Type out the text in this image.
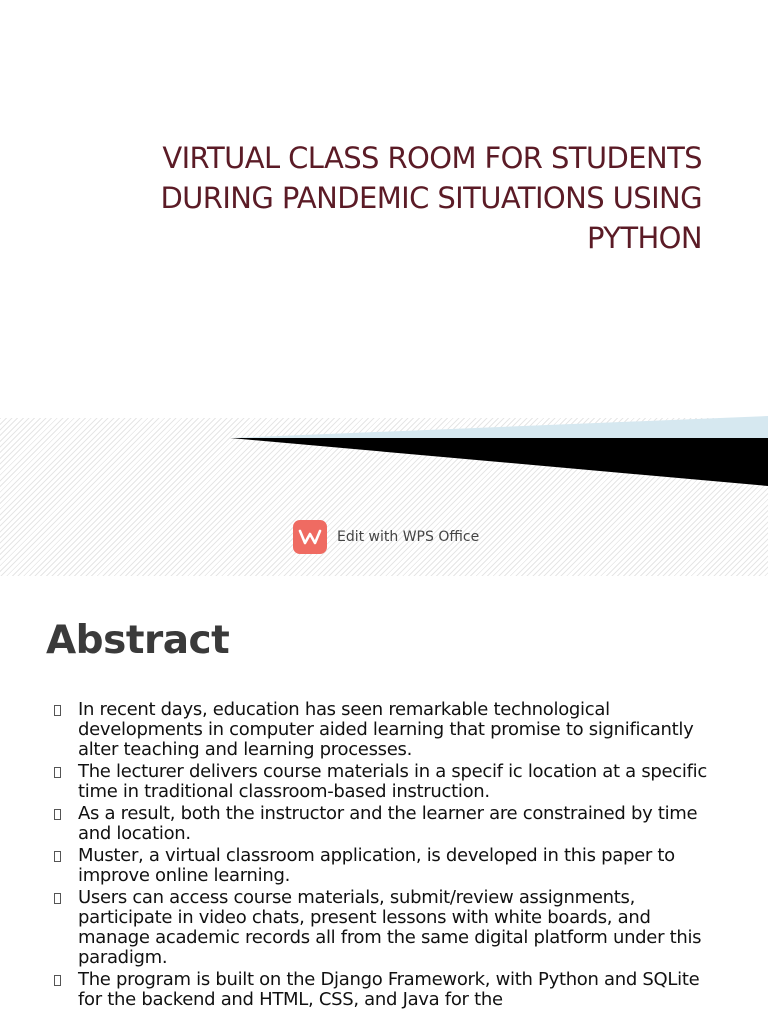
VIRTUAL CLASS ROOM FOR STUDENTS
DURING PANDEMIC SITUATIONS USING
PYTHON
Edit with WPS Office
Abstract
In recent days, education has seen remarkable technological developments in computer aided learning that promise to significantly alter teaching and learning processes.
The lecturer delivers course materials in a specif ic location at a specific time in traditional classroom-based instruction.
As a result, both the instructor and the learner are constrained by time and location.
Muster, a virtual classroom application, is developed in this paper to improve online learning.
Users can access course materials, submit/review assignments, participate in video chats, present lessons with white boards, and manage academic records all from the same digital platform under this paradigm.
The program is built on the Django Framework, with Python and SQLite for the backend and HTML, CSS, and Java for the
